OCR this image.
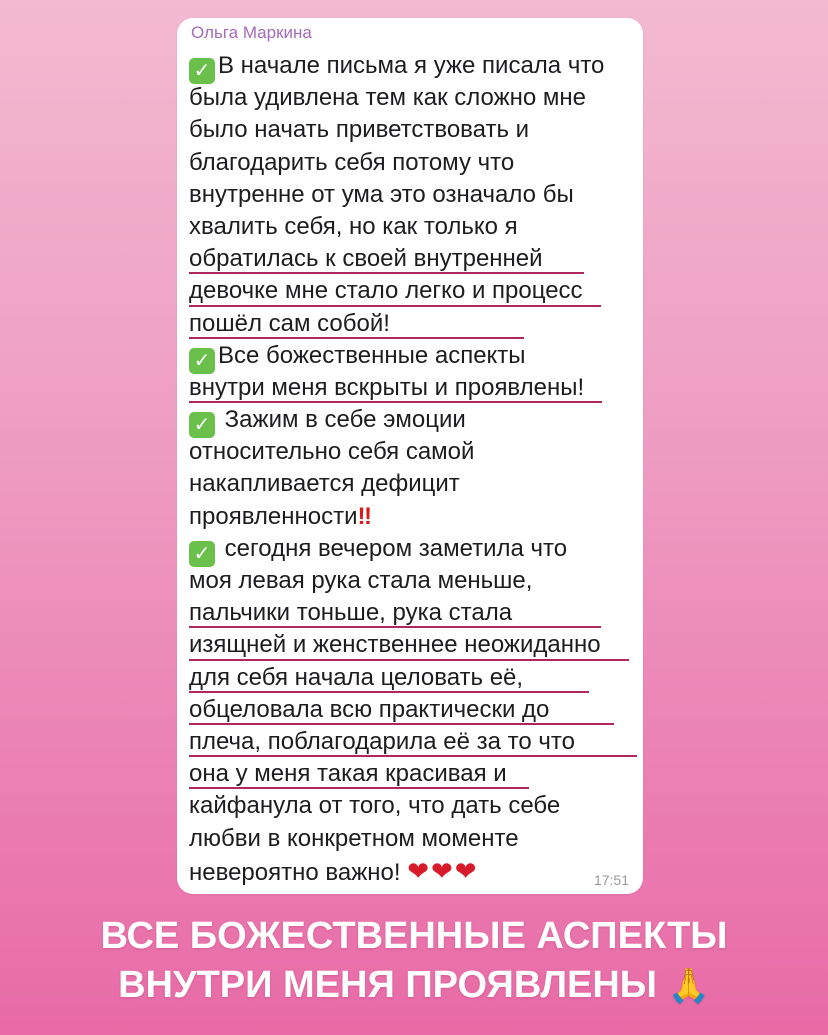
Ольга Маркина
✓ В начале письма я уже писала что
была удивлена тем как сложно мне
было начать приветствовать и
благодарить себя потому что
внутренне от ума это означало бы
хвалить себя, но как только я
обратилась к своей внутренней
девочке мне стало легко и процесс
пошёл сам собой!
✓ Все божественные аспекты
внутри меня вскрыты и проявлены!
✓ Зажим в себе эмоции
относительно себя самой
накапливается дефицит
проявленности‼
✓ сегодня вечером заметила что
моя левая рука стала меньше,
пальчики тоньше, рука стала
изящней и женственнее неожиданно
для себя начала целовать её,
обцеловала всю практически до
плеча, поблагодарила её за то что
она у меня такая красивая и
кайфанула от того, что дать себе
любви в конкретном моменте
невероятно важно! ❤❤❤	17:51
ВСЕ БОЖЕСТВЕННЫЕ АСПЕКТЫ
ВНУТРИ МЕНЯ ПРОЯВЛЕНЫ 🙏
